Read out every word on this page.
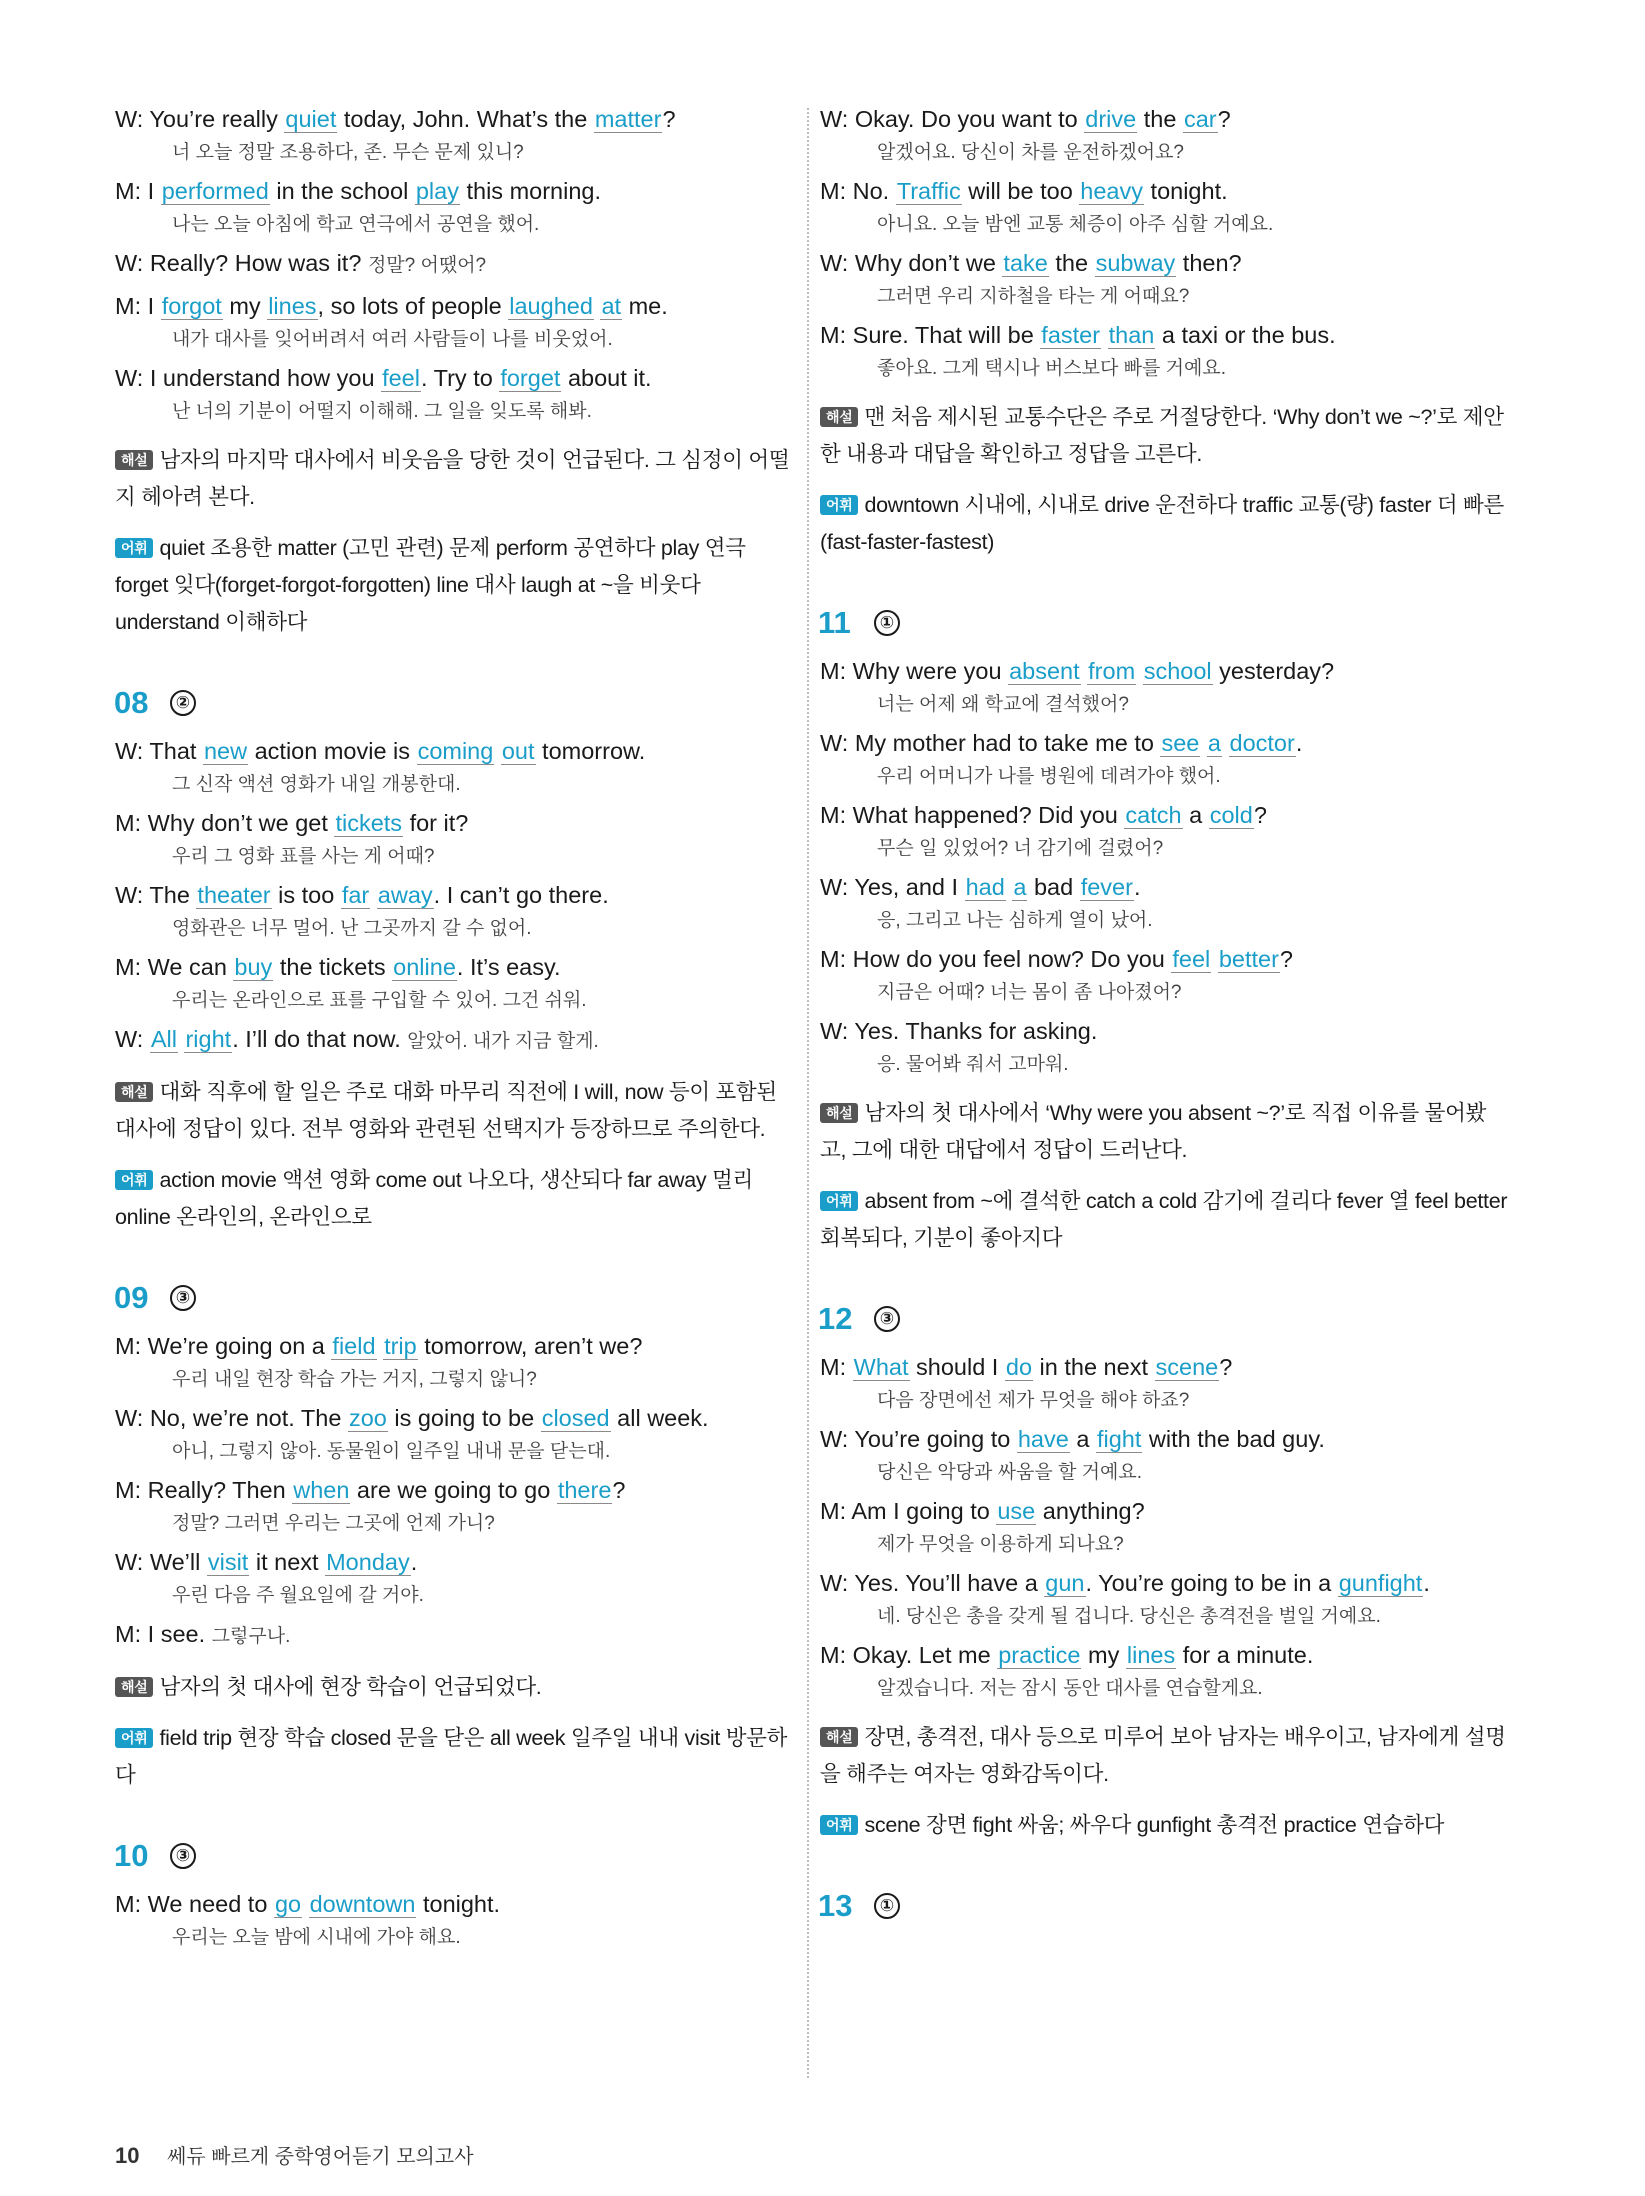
W: You’re really quiet today, John. What’s the matter?
너 오늘 정말 조용하다, 존. 무슨 문제 있니?
M: I performed in the school play this morning.
나는 오늘 아침에 학교 연극에서 공연을 했어.
W: Really? How was it? 정말? 어땠어?
M: I forgot my lines, so lots of people laughed at me.
내가 대사를 잊어버려서 여러 사람들이 나를 비웃었어.
W: I understand how you feel. Try to forget about it.
난 너의 기분이 어떨지 이해해. 그 일을 잊도록 해봐.
해설 남자의 마지막 대사에서 비웃음을 당한 것이 언급된다. 그 심정이 어떨지 헤아려 본다.
어휘 quiet 조용한 matter (고민 관련) 문제 perform 공연하다 play 연극 forget 잊다(forget-forgot-forgotten) line 대사 laugh at ~을 비웃다 understand 이해하다
08	②
W: That new action movie is coming out tomorrow.
그 신작 액션 영화가 내일 개봉한대.
M: Why don’t we get tickets for it?
우리 그 영화 표를 사는 게 어때?
W: The theater is too far away. I can’t go there.
영화관은 너무 멀어. 난 그곳까지 갈 수 없어.
M: We can buy the tickets online. It’s easy.
우리는 온라인으로 표를 구입할 수 있어. 그건 쉬워.
W: All right. I’ll do that now. 알았어. 내가 지금 할게.
해설 대화 직후에 할 일은 주로 대화 마무리 직전에 I will, now 등이 포함된 대사에 정답이 있다. 전부 영화와 관련된 선택지가 등장하므로 주의한다.
어휘 action movie 액션 영화 come out 나오다, 생산되다 far away 멀리 online 온라인의, 온라인으로
09	③
M: We’re going on a field trip tomorrow, aren’t we?
우리 내일 현장 학습 가는 거지, 그렇지 않니?
W: No, we’re not. The zoo is going to be closed all week.
아니, 그렇지 않아. 동물원이 일주일 내내 문을 닫는대.
M: Really? Then when are we going to go there?
정말? 그러면 우리는 그곳에 언제 가니?
W: We’ll visit it next Monday.
우린 다음 주 월요일에 갈 거야.
M: I see. 그렇구나.
해설 남자의 첫 대사에 현장 학습이 언급되었다.
어휘 field trip 현장 학습 closed 문을 닫은 all week 일주일 내내 visit 방문하다
10	③
M: We need to go downtown tonight.
우리는 오늘 밤에 시내에 가야 해요.
W: Okay. Do you want to drive the car?
알겠어요. 당신이 차를 운전하겠어요?
M: No. Traffic will be too heavy tonight.
아니요. 오늘 밤엔 교통 체증이 아주 심할 거예요.
W: Why don’t we take the subway then?
그러면 우리 지하철을 타는 게 어때요?
M: Sure. That will be faster than a taxi or the bus.
좋아요. 그게 택시나 버스보다 빠를 거예요.
해설 맨 처음 제시된 교통수단은 주로 거절당한다. ‘Why don’t we ~?’로 제안한 내용과 대답을 확인하고 정답을 고른다.
어휘 downtown 시내에, 시내로 drive 운전하다 traffic 교통(량) faster 더 빠른(fast-faster-fastest)
11	①
M: Why were you absent from school yesterday?
너는 어제 왜 학교에 결석했어?
W: My mother had to take me to see a doctor.
우리 어머니가 나를 병원에 데려가야 했어.
M: What happened? Did you catch a cold?
무슨 일 있었어? 너 감기에 걸렸어?
W: Yes, and I had a bad fever.
응, 그리고 나는 심하게 열이 났어.
M: How do you feel now? Do you feel better?
지금은 어때? 너는 몸이 좀 나아졌어?
W: Yes. Thanks for asking.
응. 물어봐 줘서 고마워.
해설 남자의 첫 대사에서 ‘Why were you absent ~?’로 직접 이유를 물어봤고, 그에 대한 대답에서 정답이 드러난다.
어휘 absent from ~에 결석한 catch a cold 감기에 걸리다 fever 열 feel better 회복되다, 기분이 좋아지다
12	③
M: What should I do in the next scene?
다음 장면에선 제가 무엇을 해야 하죠?
W: You’re going to have a fight with the bad guy.
당신은 악당과 싸움을 할 거예요.
M: Am I going to use anything?
제가 무엇을 이용하게 되나요?
W: Yes. You’ll have a gun. You’re going to be in a gunfight.
네. 당신은 총을 갖게 될 겁니다. 당신은 총격전을 벌일 거예요.
M: Okay. Let me practice my lines for a minute.
알겠습니다. 저는 잠시 동안 대사를 연습할게요.
해설 장면, 총격전, 대사 등으로 미루어 보아 남자는 배우이고, 남자에게 설명을 해주는 여자는 영화감독이다.
어휘 scene 장면 fight 싸움; 싸우다 gunfight 총격전 practice 연습하다
13	①
10 쎄듀 빠르게 중학영어듣기 모의고사
